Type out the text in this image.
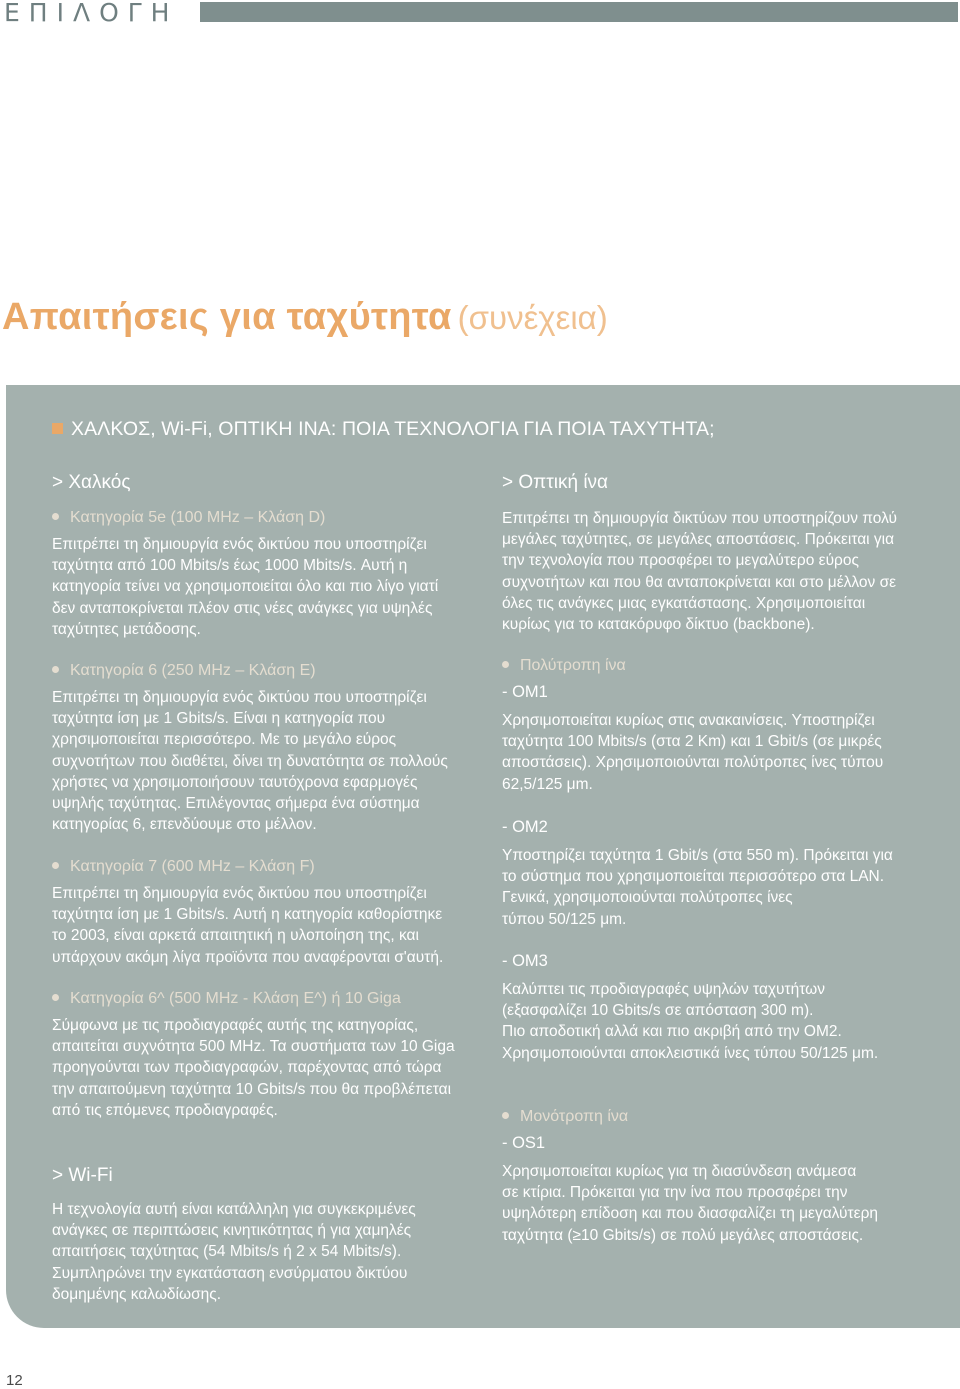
ΕΠΙΛΟΓΗ
Απαιτήσεις για ταχύτητα (συνέχεια)
ΧΑΛΚΟΣ, Wi-Fi, ΟΠΤΙΚΗ ΙΝΑ: ΠΟΙΑ ΤΕΧΝΟΛΟΓΙΑ ΓΙΑ ΠΟΙΑ ΤΑΧΥΤΗΤΑ;
> Χαλκός
Κατηγορία 5e (100 MHz – Κλάση D)
Επιτρέπει τη δημιουργία ενός δικτύου που υποστηρίζει
ταχύτητα από 100 Mbits/s έως 1000 Mbits/s. Αυτή η
κατηγορία τείνει να χρησιμοποιείται όλο και πιο λίγο γιατί
δεν ανταποκρίνεται πλέον στις νέες ανάγκες για υψηλές
ταχύτητες μετάδοσης.
Κατηγορία 6 (250 MHz – Κλάση E)
Επιτρέπει τη δημιουργία ενός δικτύου που υποστηρίζει
ταχύτητα ίση με 1 Gbits/s. Είναι η κατηγορία που
χρησιμοποιείται περισσότερο. Με το μεγάλο εύρος
συχνοτήτων που διαθέτει, δίνει τη δυνατότητα σε πολλούς
χρήστες να χρησιμοποιήσουν ταυτόχρονα εφαρμογές
υψηλής ταχύτητας. Επιλέγοντας σήμερα ένα σύστημα
κατηγορίας 6, επενδύουμε στο μέλλον.
Κατηγορία 7 (600 MHz – Κλάση F)
Επιτρέπει τη δημιουργία ενός δικτύου που υποστηρίζει
ταχύτητα ίση με 1 Gbits/s. Αυτή η κατηγορία καθορίστηκε
το 2003, είναι αρκετά απαιτητική η υλοποίηση της, και
υπάρχουν ακόμη λίγα προϊόντα που αναφέρονται σ'αυτή.
Κατηγορία 6^ (500 MHz - Κλάση E^) ή 10 Giga
Σύμφωνα με τις προδιαγραφές αυτής της κατηγορίας,
απαιτείται συχνότητα 500 MHz. Τα συστήματα των 10 Giga
προηγούνται των προδιαγραφών, παρέχοντας από τώρα
την απαιτούμενη ταχύτητα 10 Gbits/s που θα προβλέπεται
από τις επόμενες προδιαγραφές.
> Wi-Fi
Η τεχνολογία αυτή είναι κατάλληλη για συγκεκριμένες
ανάγκες σε περιπτώσεις κινητικότητας ή για χαμηλές
απαιτήσεις ταχύτητας (54 Mbits/s ή 2 x 54 Mbits/s).
Συμπληρώνει την εγκατάσταση ενσύρματου δικτύου
δομημένης καλωδίωσης.
> Οπτική ίνα
Επιτρέπει τη δημιουργία δικτύων που υποστηρίζουν πολύ
μεγάλες ταχύτητες, σε μεγάλες αποστάσεις. Πρόκειται για
την τεχνολογία που προσφέρει το μεγαλύτερο εύρος
συχνοτήτων και που θα ανταποκρίνεται και στο μέλλον σε
όλες τις ανάγκες μιας εγκατάστασης. Χρησιμοποιείται
κυρίως για το κατακόρυφο δίκτυο (backbone).
Πολύτροπη ίνα
- OM1
Χρησιμοποιείται κυρίως στις ανακαινίσεις. Υποστηρίζει
ταχύτητα 100 Mbits/s (στα 2 Km) και 1 Gbit/s (σε μικρές
αποστάσεις). Χρησιμοποιούνται πολύτροπες ίνες τύπου
62,5/125 μm.
- OM2
Υποστηρίζει ταχύτητα 1 Gbit/s (στα 550 m). Πρόκειται για
το σύστημα που χρησιμοποιείται περισσότερο στα LAN.
Γενικά, χρησιμοποιούνται πολύτροπες ίνες
τύπου 50/125 μm.
- OM3
Καλύπτει τις προδιαγραφές υψηλών ταχυτήτων
(εξασφαλίζει 10 Gbits/s σε απόσταση 300 m).
Πιο αποδοτική αλλά και πιο ακριβή από την OM2.
Χρησιμοποιούνται αποκλειστικά ίνες τύπου 50/125 μm.
Μονότροπη ίνα
- OS1
Χρησιμοποιείται κυρίως για τη διασύνδεση ανάμεσα
σε κτίρια. Πρόκειται για την ίνα που προσφέρει την
υψηλότερη επίδοση και που διασφαλίζει τη μεγαλύτερη
ταχύτητα (≥10 Gbits/s) σε πολύ μεγάλες αποστάσεις.
12
